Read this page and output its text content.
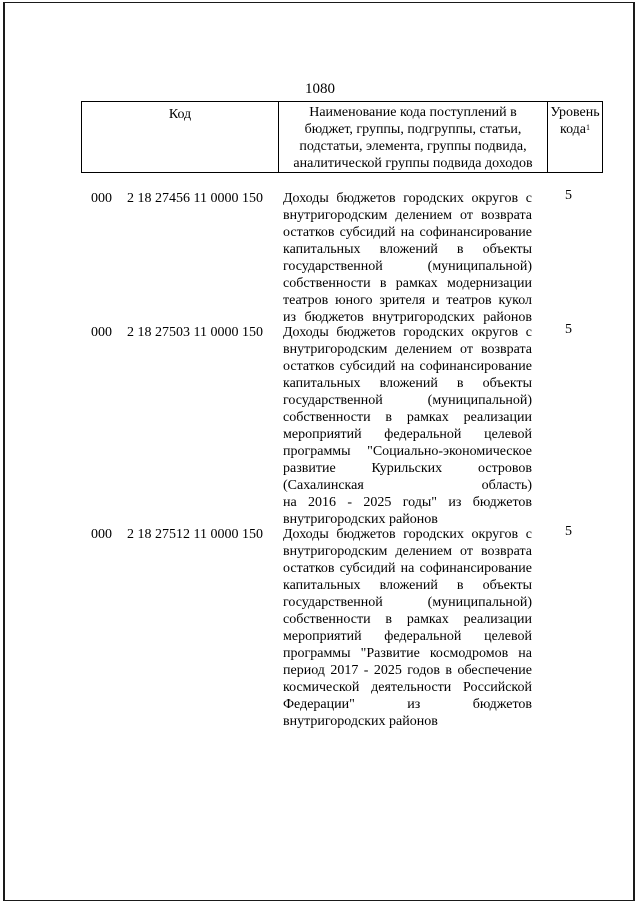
1080
Код	Наименование кода поступлений в
бюджет, группы, подгруппы, статьи,
подстатьи, элемента, группы подвида,
аналитической группы подвида доходов	Уровень
кода$^1$
000 2 18 27456 11 0000 150 Доходы бюджетов городских округов с
внутригородским делением от возврата
остатков субсидий на софинансирование
капитальных вложений в объекты
государственной (муниципальной)
собственности в рамках модернизации
театров юного зрителя и театров кукол
из бюджетов внутригородских районов
5
000 2 18 27503 11 0000 150 Доходы бюджетов городских округов с
внутригородским делением от возврата
остатков субсидий на софинансирование
капитальных вложений в объекты
государственной (муниципальной)
собственности в рамках реализации
мероприятий федеральной целевой
программы "Социально-экономическое
развитие Курильских островов
(Сахалинская область)
на 2016 - 2025 годы" из бюджетов
внутригородских районов
5
000 2 18 27512 11 0000 150 Доходы бюджетов городских округов с
внутригородским делением от возврата
остатков субсидий на софинансирование
капитальных вложений в объекты
государственной (муниципальной)
собственности в рамках реализации
мероприятий федеральной целевой
программы "Развитие космодромов на
период 2017 - 2025 годов в обеспечение
космической деятельности Российской
Федерации" из бюджетов
внутригородских районов
5
